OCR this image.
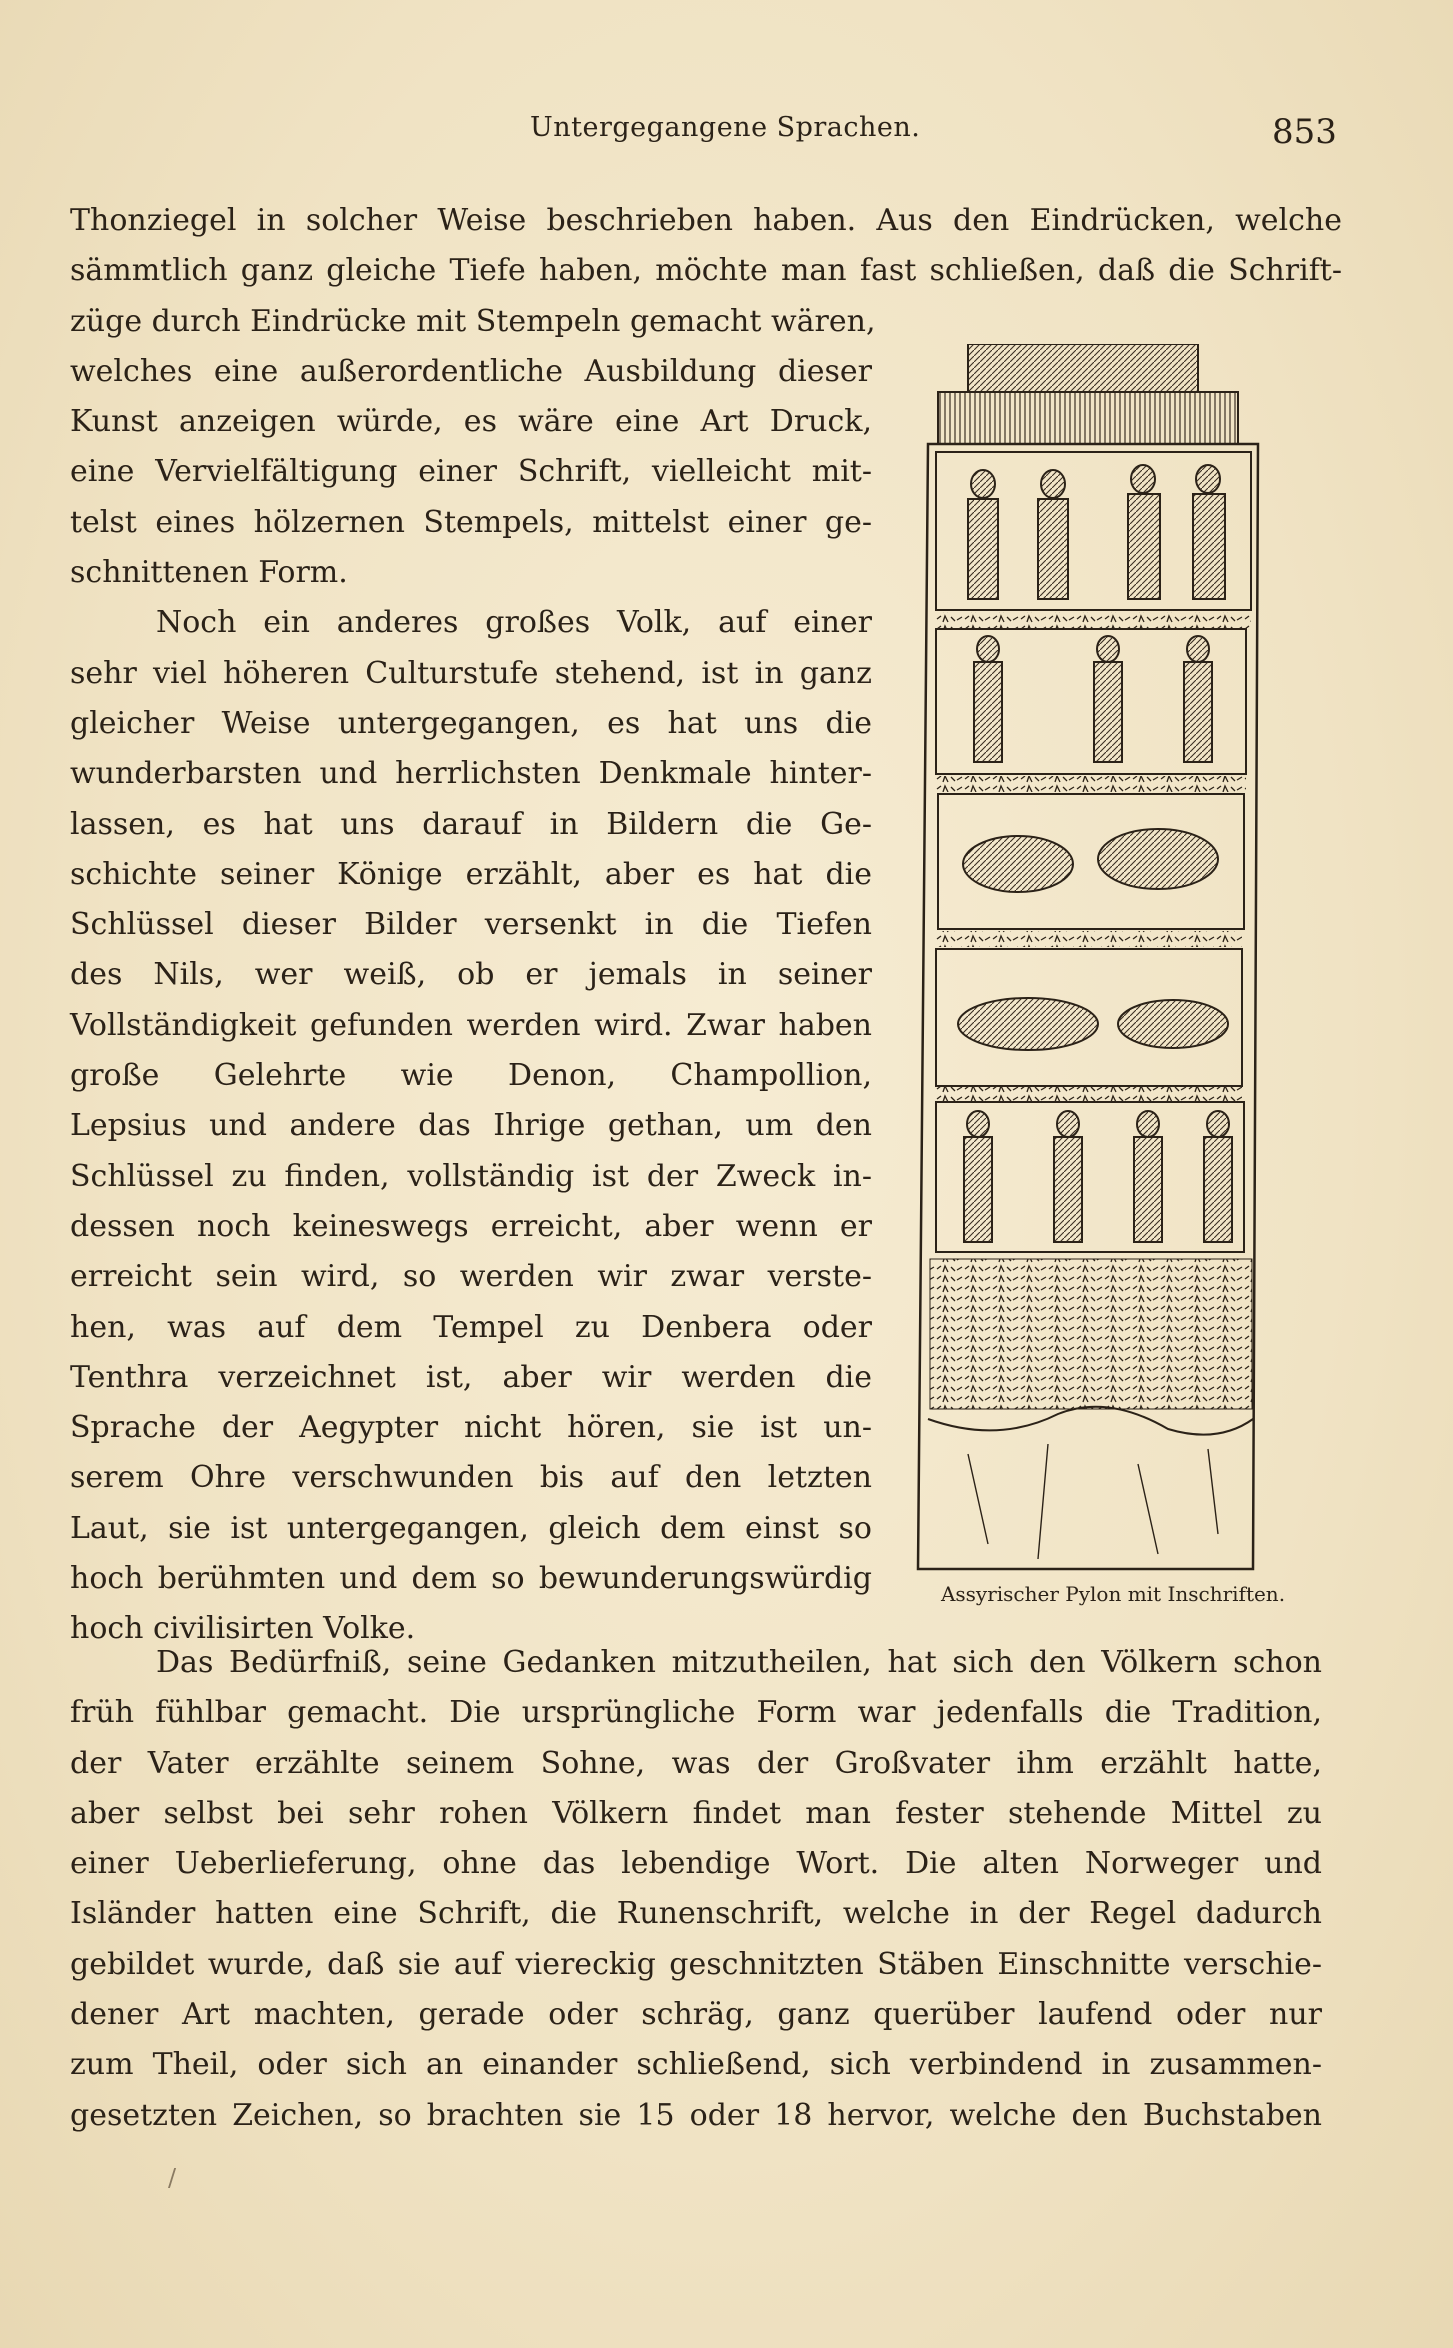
Untergegangene Sprachen.	853
Thonziegel in solcher Weise beschrieben haben. Aus den Eindrücken, welche
sämmtlich ganz gleiche Tiefe haben, möchte man fast schließen, daß die Schrift-
züge durch Eindrücke mit Stempeln gemacht wären,
welches eine außerordentliche Ausbildung dieser
Kunst anzeigen würde, es wäre eine Art Druck,
eine Vervielfältigung einer Schrift, vielleicht mit-
telst eines hölzernen Stempels, mittelst einer ge-
schnittenen Form.
Noch ein anderes großes Volk, auf einer
sehr viel höheren Culturstufe stehend, ist in ganz
gleicher Weise untergegangen, es hat uns die
wunderbarsten und herrlichsten Denkmale hinter-
lassen, es hat uns darauf in Bildern die Ge-
schichte seiner Könige erzählt, aber es hat die
Schlüssel dieser Bilder versenkt in die Tiefen
des Nils, wer weiß, ob er jemals in seiner
Vollständigkeit gefunden werden wird. Zwar haben
große Gelehrte wie Denon, Champollion,
Lepsius und andere das Ihrige gethan, um den
Schlüssel zu finden, vollständig ist der Zweck in-
dessen noch keineswegs erreicht, aber wenn er
erreicht sein wird, so werden wir zwar verste-
hen, was auf dem Tempel zu Denbera oder
Tenthra verzeichnet ist, aber wir werden die
Sprache der Aegypter nicht hören, sie ist un-
serem Ohre verschwunden bis auf den letzten
Laut, sie ist untergegangen, gleich dem einst so
hoch berühmten und dem so bewunderungswürdig
hoch civilisirten Volke.
Assyrischer Pylon mit Inschriften.
Das Bedürfniß, seine Gedanken mitzutheilen, hat sich den Völkern schon
früh fühlbar gemacht. Die ursprüngliche Form war jedenfalls die Tradition,
der Vater erzählte seinem Sohne, was der Großvater ihm erzählt hatte,
aber selbst bei sehr rohen Völkern findet man fester stehende Mittel zu
einer Ueberlieferung, ohne das lebendige Wort. Die alten Norweger und
Isländer hatten eine Schrift, die Runenschrift, welche in der Regel dadurch
gebildet wurde, daß sie auf viereckig geschnitzten Stäben Einschnitte verschie-
dener Art machten, gerade oder schräg, ganz querüber laufend oder nur
zum Theil, oder sich an einander schließend, sich verbindend in zusammen-
gesetzten Zeichen, so brachten sie 15 oder 18 hervor, welche den Buchstaben
/
